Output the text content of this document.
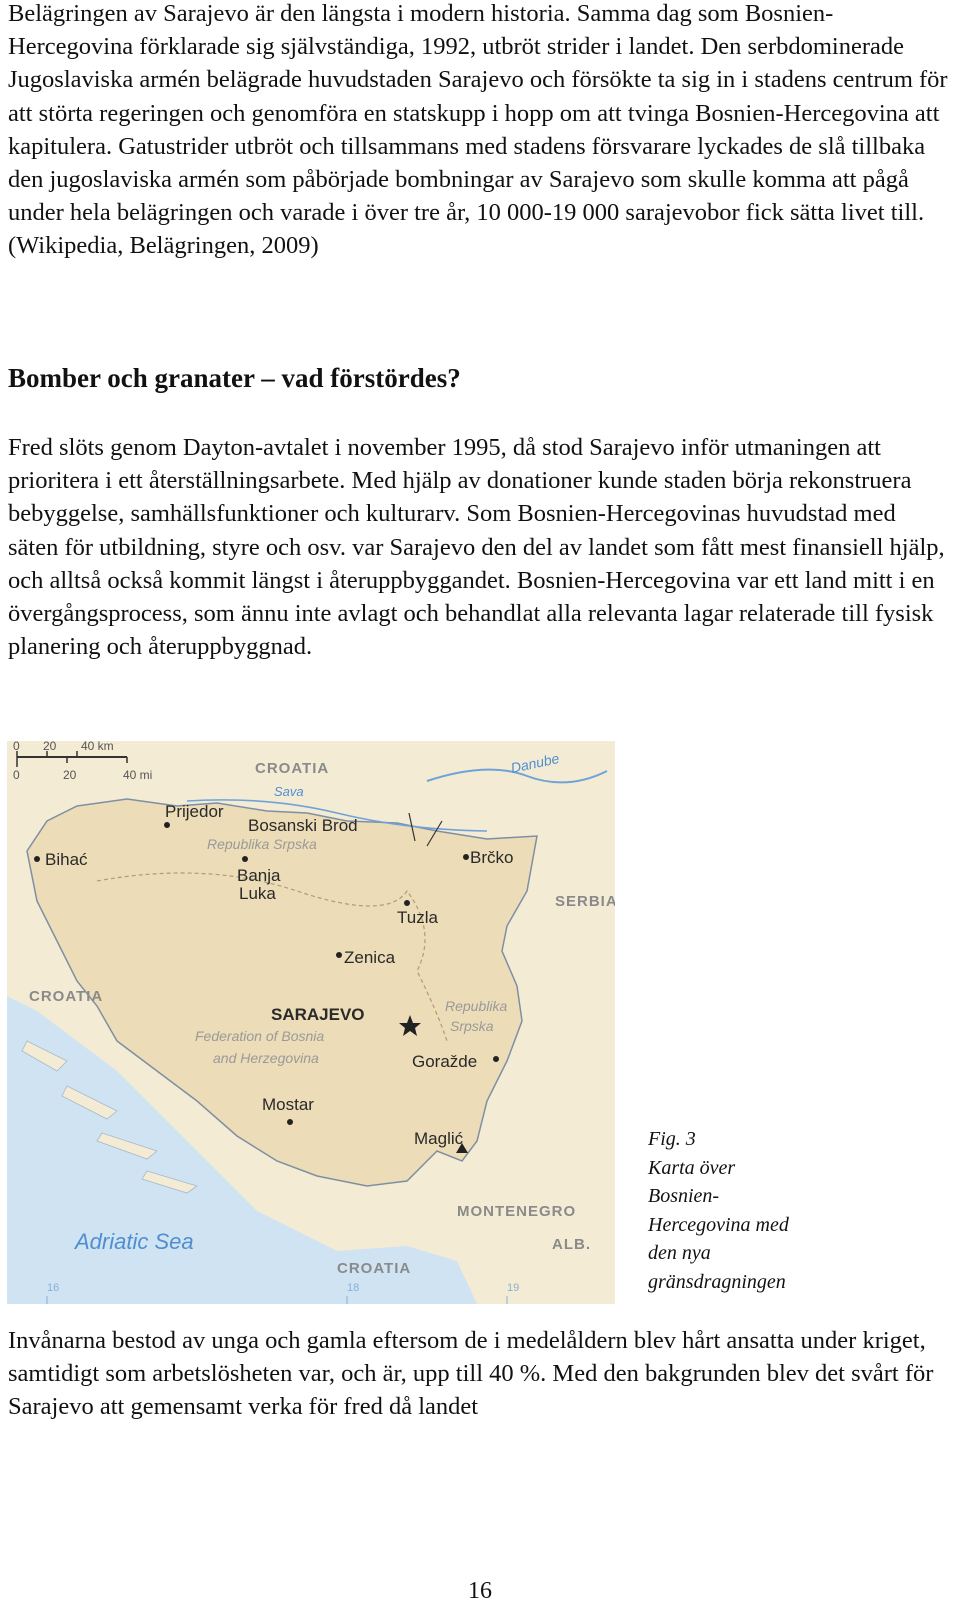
Belägringen av Sarajevo är den längsta i modern historia. Samma dag som Bosnien-Hercegovina förklarade sig självständiga, 1992, utbröt strider i landet. Den serbdominerade Jugoslaviska armén belägrade huvudstaden Sarajevo och försökte ta sig in i stadens centrum för att störta regeringen och genomföra en statskupp i hopp om att tvinga Bosnien-Hercegovina att kapitulera. Gatustrider utbröt och tillsammans med stadens försvarare lyckades de slå tillbaka den jugoslaviska armén som påbörjade bombningar av Sarajevo som skulle komma att pågå under hela belägringen och varade i över tre år, 10 000-19 000 sarajevobor fick sätta livet till. (Wikipedia, Belägringen, 2009)

Bomber och granater – vad förstördes?

Fred slöts genom Dayton-avtalet i november 1995, då stod Sarajevo inför utmaningen att prioritera i ett återställningsarbete. Med hjälp av donationer kunde staden börja rekonstruera bebyggelse, samhällsfunktioner och kulturarv. Som Bosnien-Hercegovinas huvudstad med säten för utbildning, styre och osv. var Sarajevo den del av landet som fått mest finansiell hjälp, och alltså också kommit längst i återuppbyggandet. Bosnien-Hercegovina var ett land mitt i en övergångsprocess, som ännu inte avlagt och behandlat alla relevanta lagar relaterade till fysisk planering och återuppbyggnad.

0 20 40 km
0	20	40 mi	CROATIA
CROATIA
CROATIA
SERBIA
MONTENEGRO
ALB.
Danube
Sava
Adriatic Sea
Republika Srpska
Republika
Srpska
Federation of Bosnia
and Herzegovina
Prijedor
Bosanski Brod
Bihać
Banja
Luka
Brčko
Tuzla
Zenica
SARAJEVO
Goražde
Mostar
Maglić
16	18	19
Fig. 3
Karta över
Bosnien-
Hercegovina med
den nya
gränsdragningen

Invånarna bestod av unga och gamla eftersom de i medelåldern blev hårt ansatta under kriget, samtidigt som arbetslösheten var, och är, upp till 40 %. Med den bakgrunden blev det svårt för Sarajevo att gemensamt verka för fred då landet

16
